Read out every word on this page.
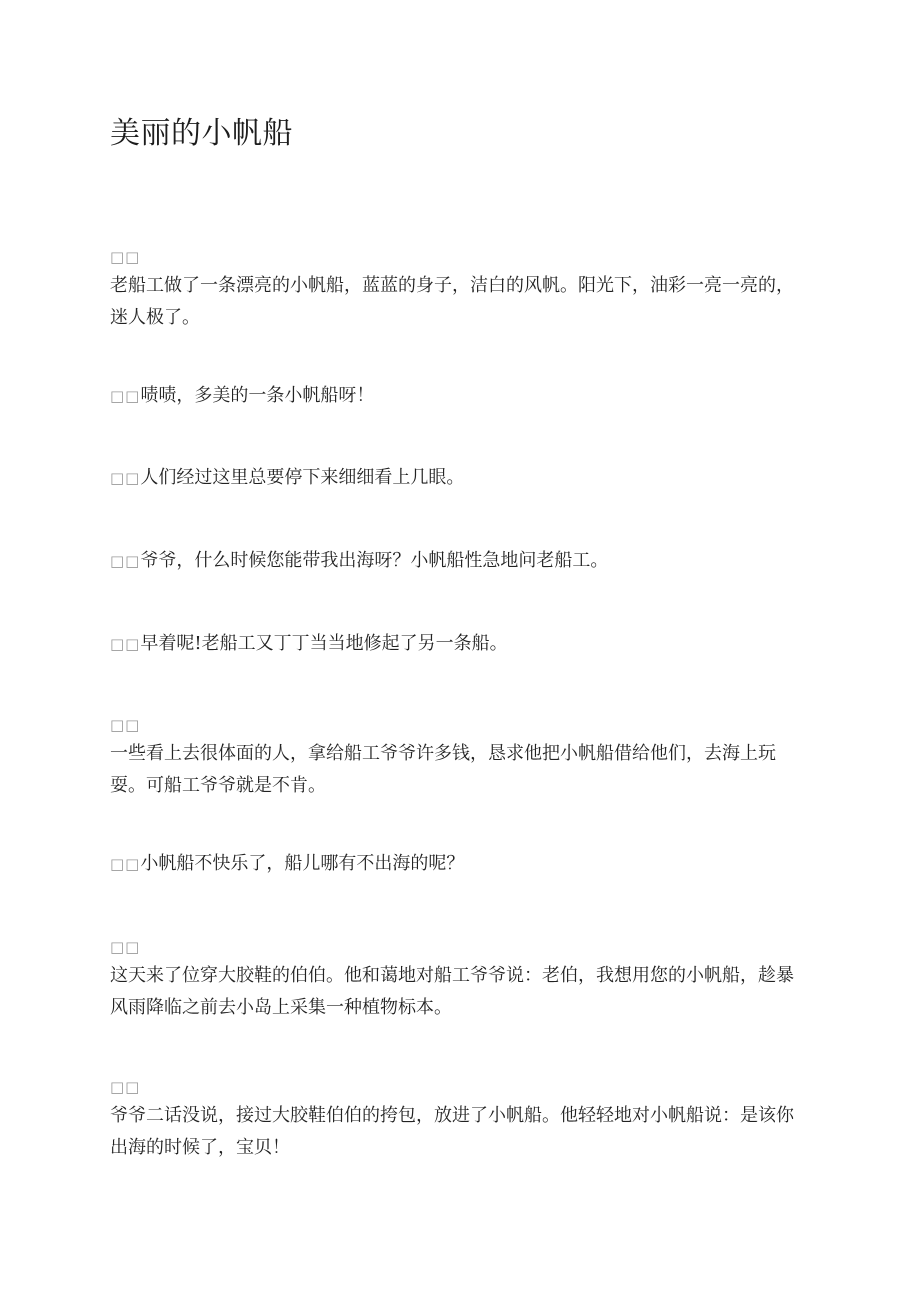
美丽的小帆船

□□
老船工做了一条漂亮的小帆船，蓝蓝的身子，洁白的风帆。阳光下，油彩一亮一亮的，迷人极了。

□□啧啧，多美的一条小帆船呀！

□□人们经过这里总要停下来细细看上几眼。

□□爷爷，什么时候您能带我出海呀？小帆船性急地问老船工。

□□早着呢!老船工又丁丁当当地修起了另一条船。

□□
一些看上去很体面的人，拿给船工爷爷许多钱，恳求他把小帆船借给他们，去海上玩耍。可船工爷爷就是不肯。

□□小帆船不快乐了，船儿哪有不出海的呢？

□□
这天来了位穿大胶鞋的伯伯。他和蔼地对船工爷爷说：老伯，我想用您的小帆船，趁暴风雨降临之前去小岛上采集一种植物标本。

□□
爷爷二话没说，接过大胶鞋伯伯的挎包，放进了小帆船。他轻轻地对小帆船说：是该你出海的时候了，宝贝！
